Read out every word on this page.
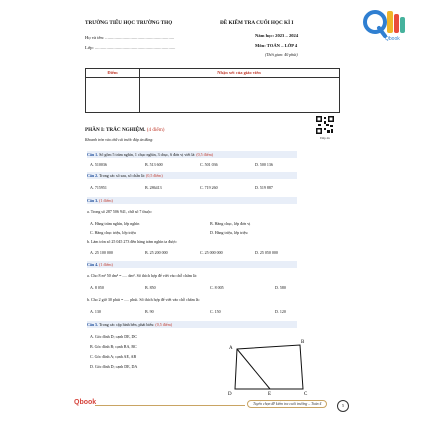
TRƯỜNG TIỂU HỌC TRƯỜNG THỌ	ĐỀ KIỂM TRA CUỐI HỌC KÌ I
Họ và tên: ............................................................
Lớp: ......................................................................
Năm học: 2023 – 2024
Môn: TOÁN – LỚP 4
(Thời gian: 40 phút)
Qbook
Điểm	Nhận xét của giáo viên
PHẦN I: TRẮC NGHIỆM. (4 điểm)
Khoanh tròn vào chữ cái trước đáp án đúng:	Đáp án
Câu 1. Số gồm 5 trăm nghìn, 1 chục nghìn, 3 chục, 6 đơn vị viết là: (0,5 điểm)
A. 510036	B. 513 600	C. 501 036	D. 500 136
Câu 2. Trong các số sau, số chẵn là: (0,5 điểm)
A. 715951	B. 286413	C. 719 260	D. 519 887
Câu 3. (1 điểm)
a. Trong số 287 506 941, chữ số 7 thuộc:
A. Hàng trăm nghìn, lớp nghìn	B. Hàng chục, lớp đơn vị
C. Hàng chục triệu, lớp triệu	D. Hàng triệu, lớp triệu
b. Làm tròn số 25 045 273 đến hàng trăm nghìn ta được:
A. 25 100 000	B. 25 200 000	C. 25 000 000	D. 25 050 000
Câu 4. (1 điểm)
a. Cho 8 m² 50 dm² = ..... dm². Số thích hợp để viết vào chỗ chấm là:
A. 8 050	B. 850	C. 8 005	D. 580
b. Cho 2 giờ 30 phút = ..... phút. Số thích hợp để viết vào chỗ chấm là:
A. 130	B. 90	C. 150	D. 120
Câu 5. Trong các cặp hình bên, phát biểu: (0,5 điểm)
A. Góc đỉnh D; cạnh DE, DC
B. Góc đỉnh B; cạnh BA, BC
C. Góc đỉnh A; cạnh AE, AB
D. Góc đỉnh D; cạnh DE, DA
A
B
C
D	E
Qbook	Tuyển chọn đề kiểm tra cuối trường – Toán 4	5
